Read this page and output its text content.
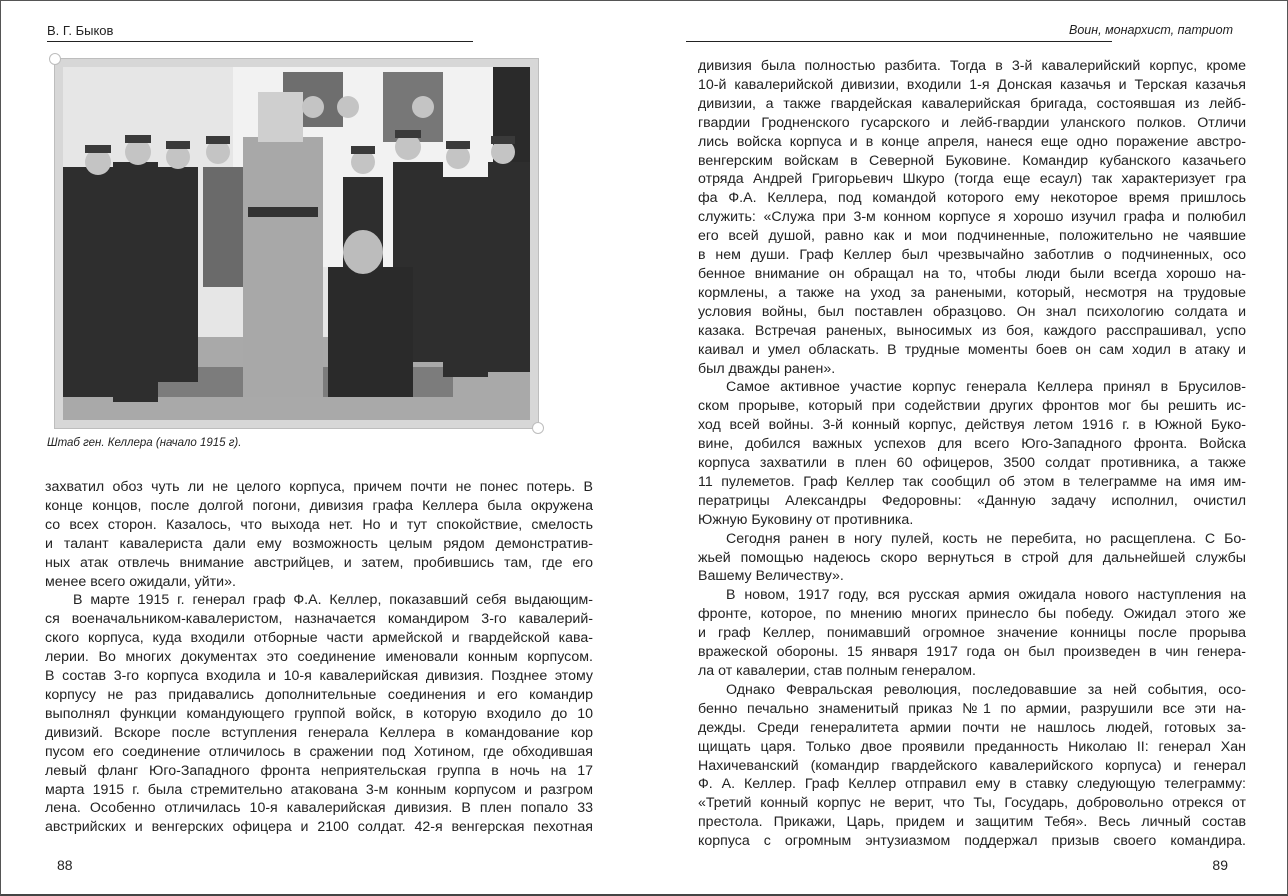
В. Г. Быков
Штаб ген. Келлера (начало 1915 г).
захватил обоз чуть ли не целого корпуса, причем почти не понес потерь. В
конце концов, после долгой погони, дивизия графа Келлера была окружена
со всех сторон. Казалось, что выхода нет. Но и тут спокойствие, смелость
и талант кавалериста дали ему возможность целым рядом демонстратив-
ных атак отвлечь внимание австрийцев, и затем, пробившись там, где его
менее всего ожидали, уйти».
В марте 1915 г. генерал граф Ф.А. Келлер, показавший себя выдающим-
ся военачальником-кавалеристом, назначается командиром 3-го кавалерий-
ского корпуса, куда входили отборные части армейской и гвардейской кава-
лерии. Во многих документах это соединение именовали конным корпусом.
В состав 3-го корпуса входила и 10-я кавалерийская дивизия. Позднее этому
корпусу не раз придавались дополнительные соединения и его командир
выполнял функции командующего группой войск, в которую входило до 10
дивизий. Вскоре после вступления генерала Келлера в командование кор
пусом его соединение отличилось в сражении под Хотином, где обходившая
левый фланг Юго-Западного фронта неприятельская группа в ночь на 17
марта 1915 г. была стремительно атакована 3-м конным корпусом и разгром
лена. Особенно отличилась 10-я кавалерийская дивизия. В плен попало 33
австрийских и венгерских офицера и 2100 солдат. 42-я венгерская пехотная
88
Воин, монархист, патриот
дивизия была полностью разбита. Тогда в 3-й кавалерийский корпус, кроме
10-й кавалерийской дивизии, входили 1-я Донская казачья и Терская казачья
дивизии, а также гвардейская кавалерийская бригада, состоявшая из лейб-
гвардии Гродненского гусарского и лейб-гвардии уланского полков. Отличи
лись войска корпуса и в конце апреля, нанеся еще одно поражение австро-
венгерским войскам в Северной Буковине. Командир кубанского казачьего
отряда Андрей Григорьевич Шкуро (тогда еще есаул) так характеризует гра
фа Ф.А. Келлера, под командой которого ему некоторое время пришлось
служить: «Служа при 3-м конном корпусе я хорошо изучил графа и полюбил
его всей душой, равно как и мои подчиненные, положительно не чаявшие
в нем души. Граф Келлер был чрезвычайно заботлив о подчиненных, осо
бенное внимание он обращал на то, чтобы люди были всегда хорошо на-
кормлены, а также на уход за ранеными, который, несмотря на трудовые
условия войны, был поставлен образцово. Он знал психологию солдата и
казака. Встречая раненых, выносимых из боя, каждого расспрашивал, успо
каивал и умел обласкать. В трудные моменты боев он сам ходил в атаку и
был дважды ранен».
Самое активное участие корпус генерала Келлера принял в Брусилов-
ском прорыве, который при содействии других фронтов мог бы решить ис-
ход всей войны. 3-й конный корпус, действуя летом 1916 г. в Южной Буко-
вине, добился важных успехов для всего Юго-Западного фронта. Войска
корпуса захватили в плен 60 офицеров, 3500 солдат противника, а также
11 пулеметов. Граф Келлер так сообщил об этом в телеграмме на имя им-
ператрицы Александры Федоровны: «Данную задачу исполнил, очистил
Южную Буковину от противника.
Сегодня ранен в ногу пулей, кость не перебита, но расщеплена. С Бо-
жьей помощью надеюсь скоро вернуться в строй для дальнейшей службы
Вашему Величеству».
В новом, 1917 году, вся русская армия ожидала нового наступления на
фронте, которое, по мнению многих принесло бы победу. Ожидал этого же
и граф Келлер, понимавший огромное значение конницы после прорыва
вражеской обороны. 15 января 1917 года он был произведен в чин генера-
ла от кавалерии, став полным генералом.
Однако Февральская революция, последовавшие за ней события, осо-
бенно печально знаменитый приказ №1 по армии, разрушили все эти на-
дежды. Среди генералитета армии почти не нашлось людей, готовых за-
щищать царя. Только двое проявили преданность Николаю II: генерал Хан
Нахичеванский (командир гвардейского кавалерийского корпуса) и генерал
Ф. А. Келлер. Граф Келлер отправил ему в ставку следующую телеграмму:
«Третий конный корпус не верит, что Ты, Государь, добровольно отрекся от
престола. Прикажи, Царь, придем и защитим Тебя». Весь личный состав
корпуса с огромным энтузиазмом поддержал призыв своего командира.
89
